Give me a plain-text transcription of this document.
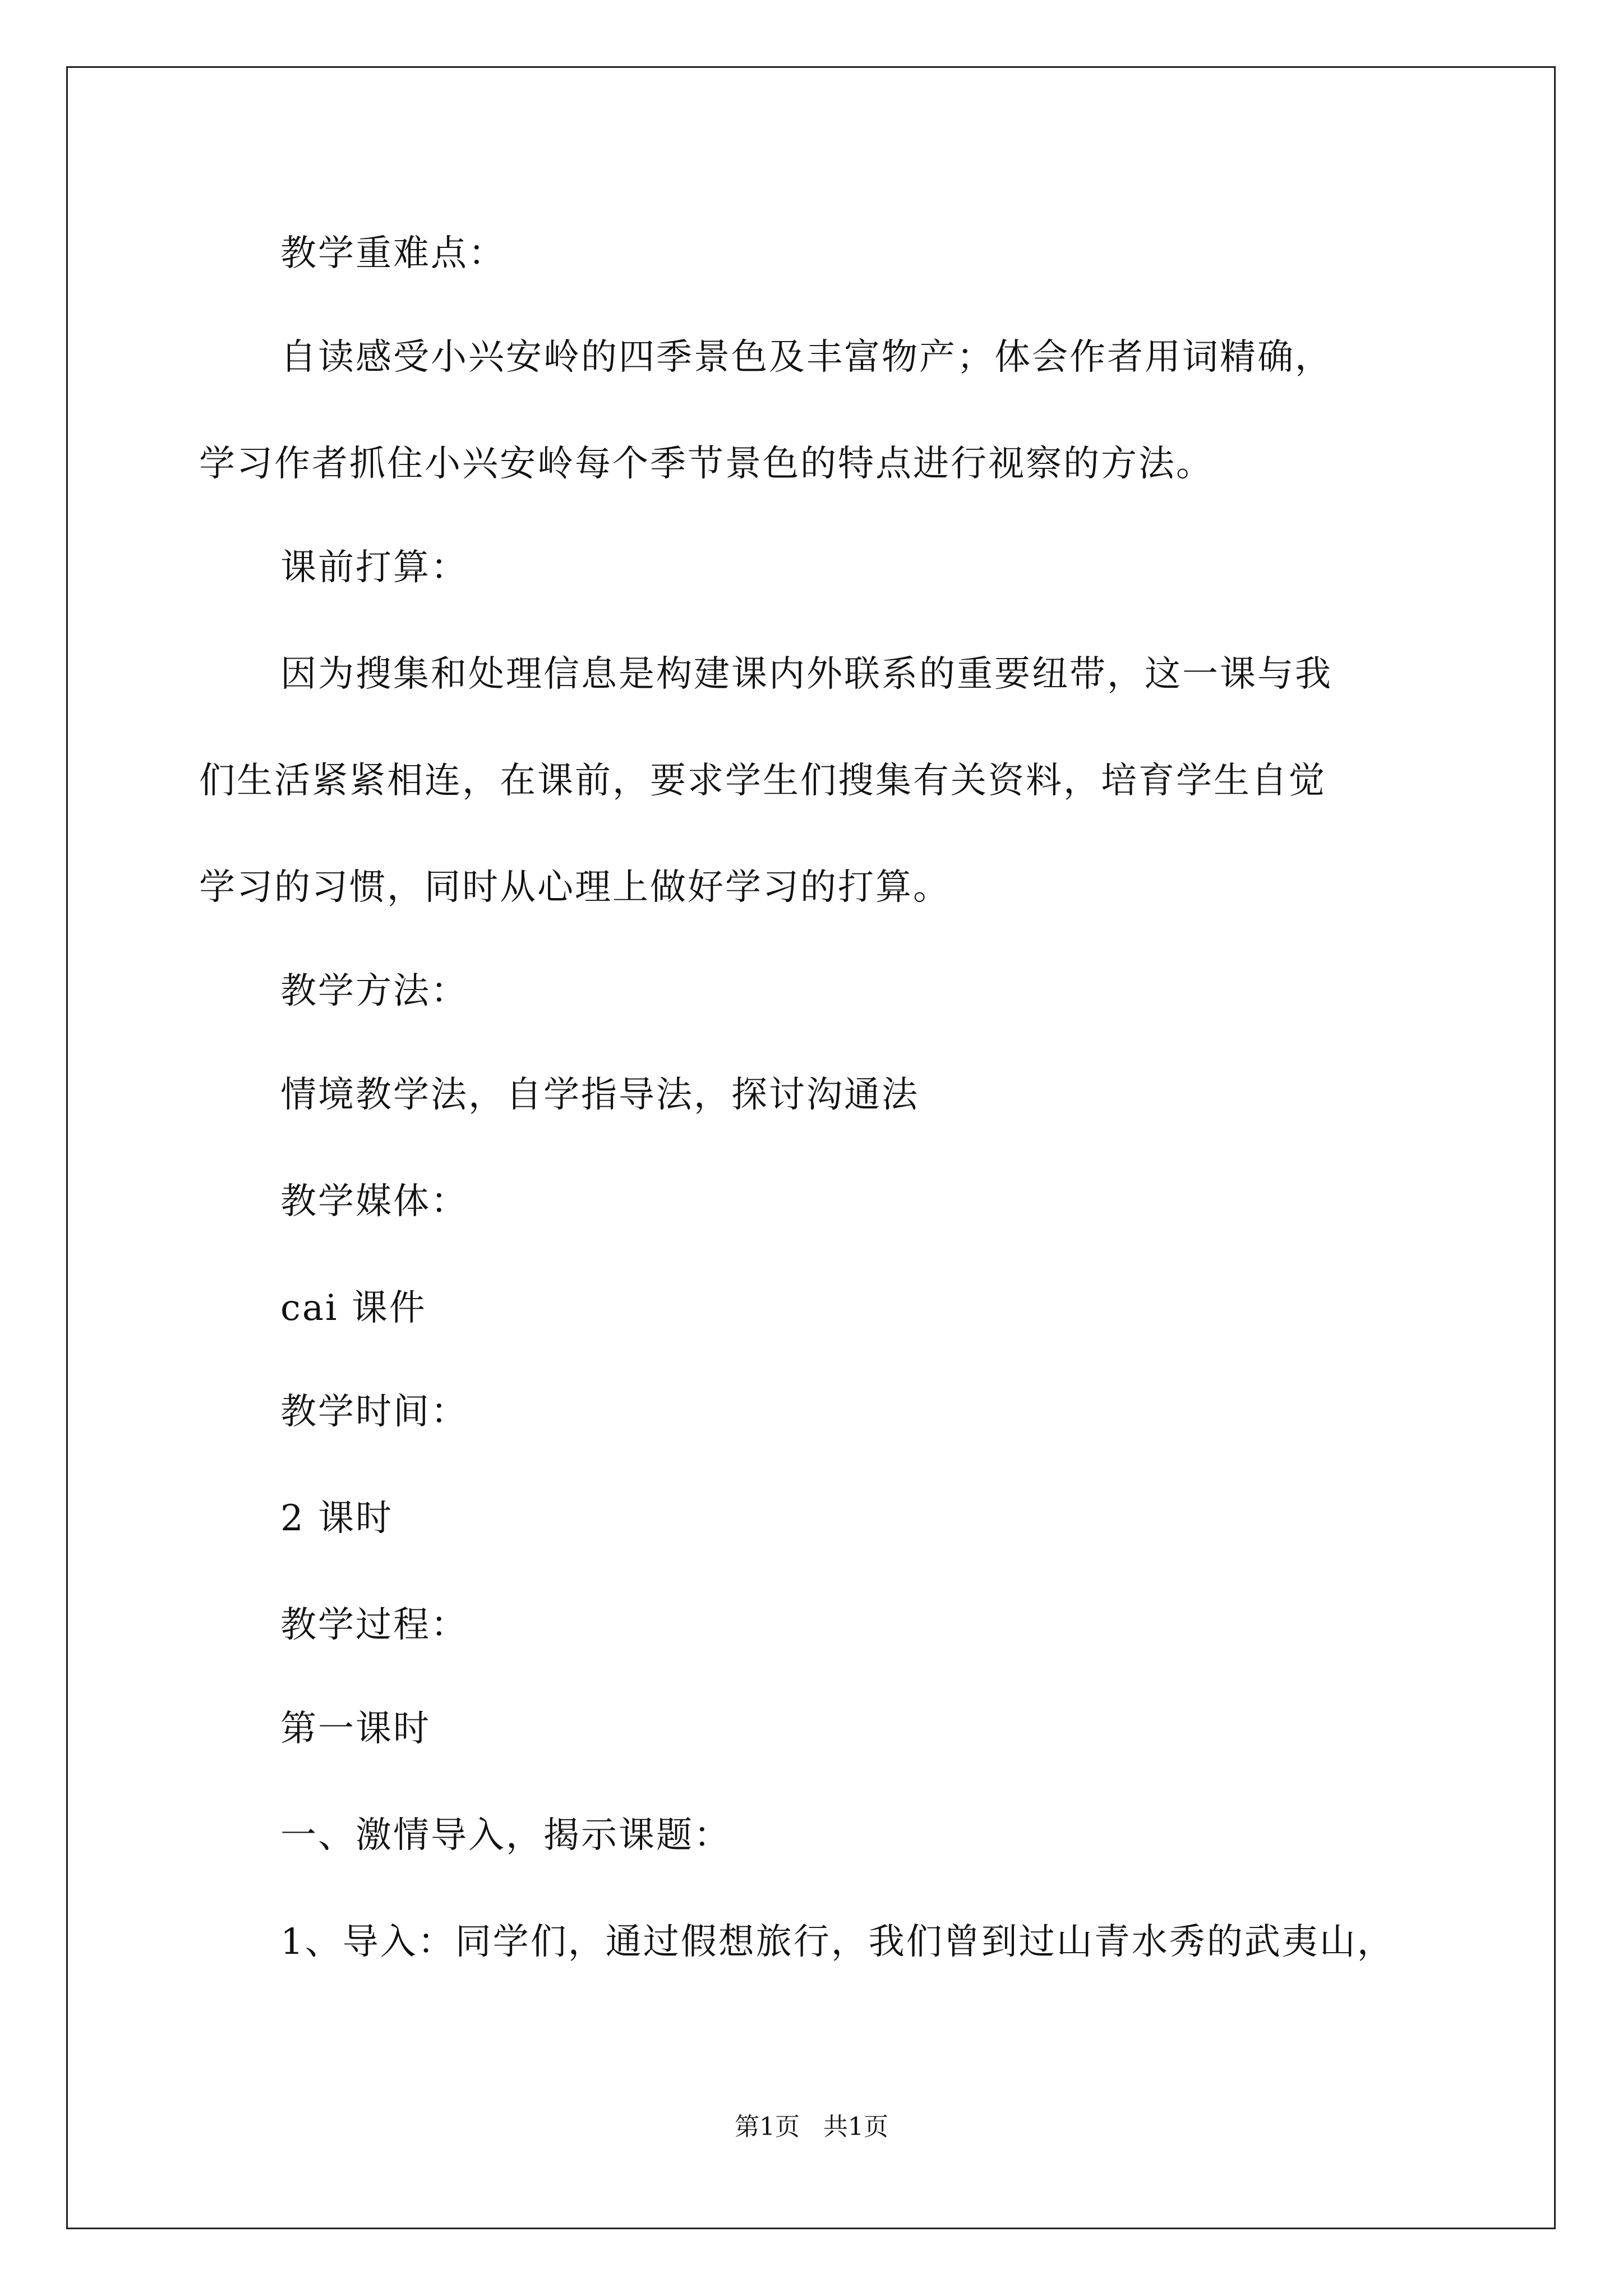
教学重难点：
自读感受小兴安岭的四季景色及丰富物产；体会作者用词精确，
学习作者抓住小兴安岭每个季节景色的特点进行视察的方法。
课前打算：
因为搜集和处理信息是构建课内外联系的重要纽带，这一课与我
们生活紧紧相连，在课前，要求学生们搜集有关资料，培育学生自觉
学习的习惯，同时从心理上做好学习的打算。
教学方法：
情境教学法，自学指导法，探讨沟通法
教学媒体：
cai 课件
教学时间：
2 课时
教学过程：
第一课时
一、激情导入，揭示课题：
1、导入：同学们，通过假想旅行，我们曾到过山青水秀的武夷山，
第1页   共1页
